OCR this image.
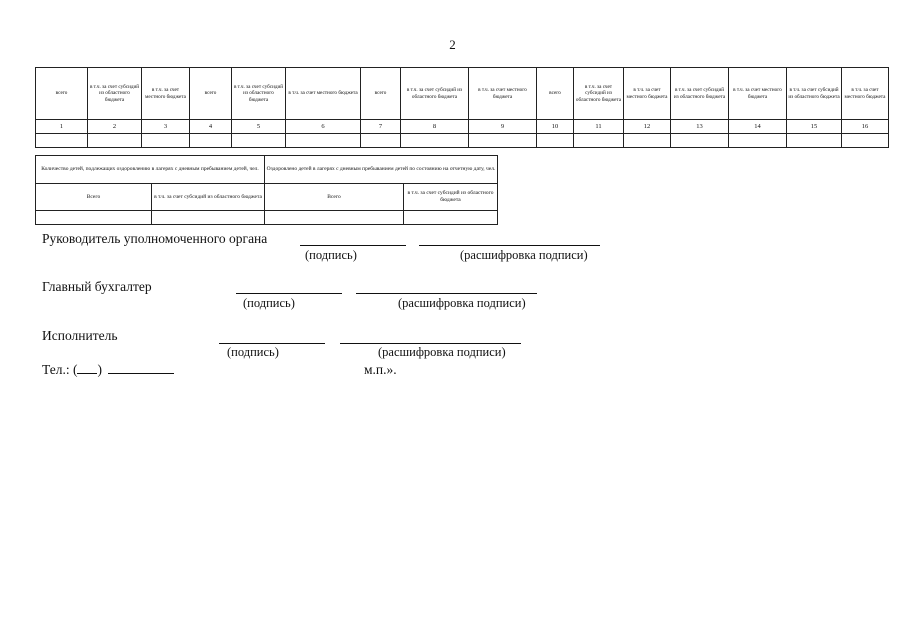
2
всего	в т.ч. за счет субсидий из областного бюджета	в т.ч. за счет местного бюджета	всего	в т.ч. за счет субсидий из областного бюджета	в т.ч. за счет местного бюджета	всего	в т.ч. за счет субсидий из областного бюджета	в т.ч. за счет местного бюджета	всего	в т.ч. за счет субсидий из областного бюджета	в т.ч. за счет местного бюджета	в т.ч. за счет субсидий из областного бюджета	в т.ч. за счет местного бюджета	в т.ч. за счет субсидий из областного бюджета	в т.ч. за счет местного бюджета
1	2	3	4	5	6	7	8	9	10	11	12	13	14	15	16

Количество детей, подлежащих оздоровлению в лагерях с дневным пребыванием детей, чел.		Оздоровлено детей в лагерях с дневным пребыванием детей по состоянию на отчетную дату, чел.	
Всего	в т.ч. за счет субсидий из областного бюджета	Всего	в т.ч. за счет субсидий из областного бюджета

Руководитель уполномоченного органа
(подпись)	(расшифровка подписи)
Главный бухгалтер
(подпись)	(расшифровка подписи)
Исполнитель
(подпись)	(расшифровка подписи)
Тел.: ( )	м.п.».
